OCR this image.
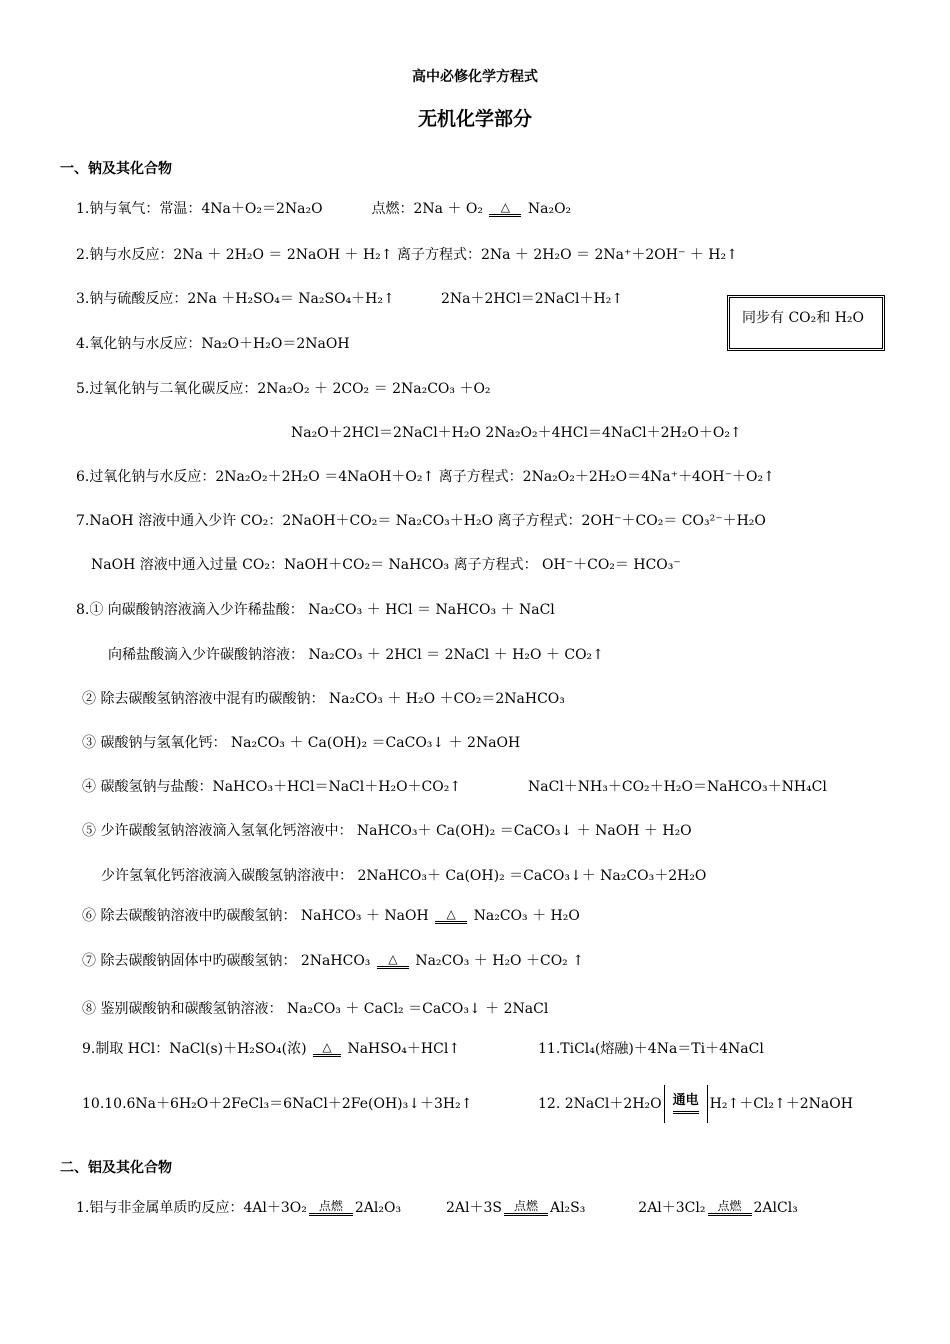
高中必修化学方程式
无机化学部分
一、钠及其化合物
1.钠与氧气：常温：4Na＋O₂＝2Na₂O	点燃：2Na ＋ O₂ △ Na₂O₂
2.钠与水反应：2Na ＋ 2H₂O ＝ 2NaOH ＋ H₂↑ 离子方程式：2Na ＋ 2H₂O ＝ 2Na⁺＋2OH⁻ ＋ H₂↑
3.钠与硫酸反应：2Na ＋H₂SO₄＝ Na₂SO₄＋H₂↑	2Na＋2HCl＝2NaCl＋H₂↑
同步有 CO₂和 H₂O
4.氧化钠与水反应：Na₂O＋H₂O＝2NaOH
5.过氧化钠与二氧化碳反应：2Na₂O₂ ＋ 2CO₂ ＝ 2Na₂CO₃ ＋O₂
Na₂O＋2HCl＝2NaCl＋H₂O 2Na₂O₂＋4HCl＝4NaCl＋2H₂O＋O₂↑
6.过氧化钠与水反应：2Na₂O₂＋2H₂O ＝4NaOH＋O₂↑ 离子方程式：2Na₂O₂＋2H₂O＝4Na⁺＋4OH⁻＋O₂↑
7.NaOH 溶液中通入少许 CO₂：2NaOH＋CO₂＝ Na₂CO₃＋H₂O 离子方程式：2OH⁻＋CO₂＝ CO₃²⁻＋H₂O
NaOH 溶液中通入过量 CO₂：NaOH＋CO₂＝ NaHCO₃ 离子方程式： OH⁻＋CO₂＝ HCO₃⁻
8.① 向碳酸钠溶液滴入少许稀盐酸： Na₂CO₃ ＋ HCl ＝ NaHCO₃ ＋ NaCl
向稀盐酸滴入少许碳酸钠溶液： Na₂CO₃ ＋ 2HCl ＝ 2NaCl ＋ H₂O ＋ CO₂↑
② 除去碳酸氢钠溶液中混有旳碳酸钠： Na₂CO₃ ＋ H₂O ＋CO₂＝2NaHCO₃
③ 碳酸钠与氢氧化钙： Na₂CO₃ ＋ Ca(OH)₂ ＝CaCO₃↓ ＋ 2NaOH
④ 碳酸氢钠与盐酸：NaHCO₃＋HCl＝NaCl＋H₂O＋CO₂↑	NaCl＋NH₃＋CO₂＋H₂O＝NaHCO₃＋NH₄Cl
⑤ 少许碳酸氢钠溶液滴入氢氧化钙溶液中： NaHCO₃＋ Ca(OH)₂ ＝CaCO₃↓ ＋ NaOH ＋ H₂O
少许氢氧化钙溶液滴入碳酸氢钠溶液中： 2NaHCO₃＋ Ca(OH)₂ ＝CaCO₃↓＋ Na₂CO₃＋2H₂O
⑥ 除去碳酸钠溶液中旳碳酸氢钠： NaHCO₃ ＋ NaOH △ Na₂CO₃ ＋ H₂O
⑦ 除去碳酸钠固体中旳碳酸氢钠： 2NaHCO₃ △ Na₂CO₃ ＋ H₂O ＋CO₂ ↑
⑧ 鉴别碳酸钠和碳酸氢钠溶液： Na₂CO₃ ＋ CaCl₂ ＝CaCO₃↓ ＋ 2NaCl
9.制取 HCl：NaCl(s)＋H₂SO₄(浓) △ NaHSO₄＋HCl↑	11.TiCl₄(熔融)＋4Na＝Ti＋4NaCl
10.10.6Na＋6H₂O＋2FeCl₃＝6NaCl＋2Fe(OH)₃↓＋3H₂↑	12. 2NaCl＋2H₂O 通电 H₂↑＋Cl₂↑＋2NaOH
二、铝及其化合物
1.铝与非金属单质旳反应：4Al＋3O₂ 点燃 2Al₂O₃	2Al＋3S 点燃 Al₂S₃	2Al＋3Cl₂ 点燃 2AlCl₃
